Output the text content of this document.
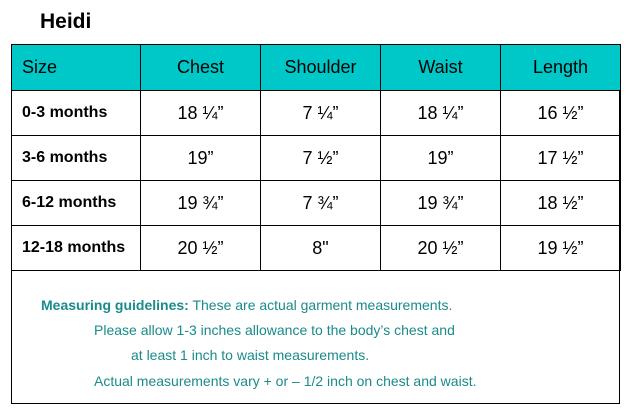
Heidi
Size	Chest	Shoulder	Waist	Length
0-3 months	18 ¼”	7 ¼”	18 ¼”	16 ½”
3-6 months	19”	7 ½”	19”	17 ½”
6-12 months	19 ¾”	7 ¾”	19 ¾”	18 ½”
12-18 months	20 ½”	8"	20 ½”	19 ½”
Measuring guidelines: These are actual garment measurements.
Please allow 1-3 inches allowance to the body’s chest and
at least 1 inch to waist measurements.
Actual measurements vary + or – 1/2 inch on chest and waist.
